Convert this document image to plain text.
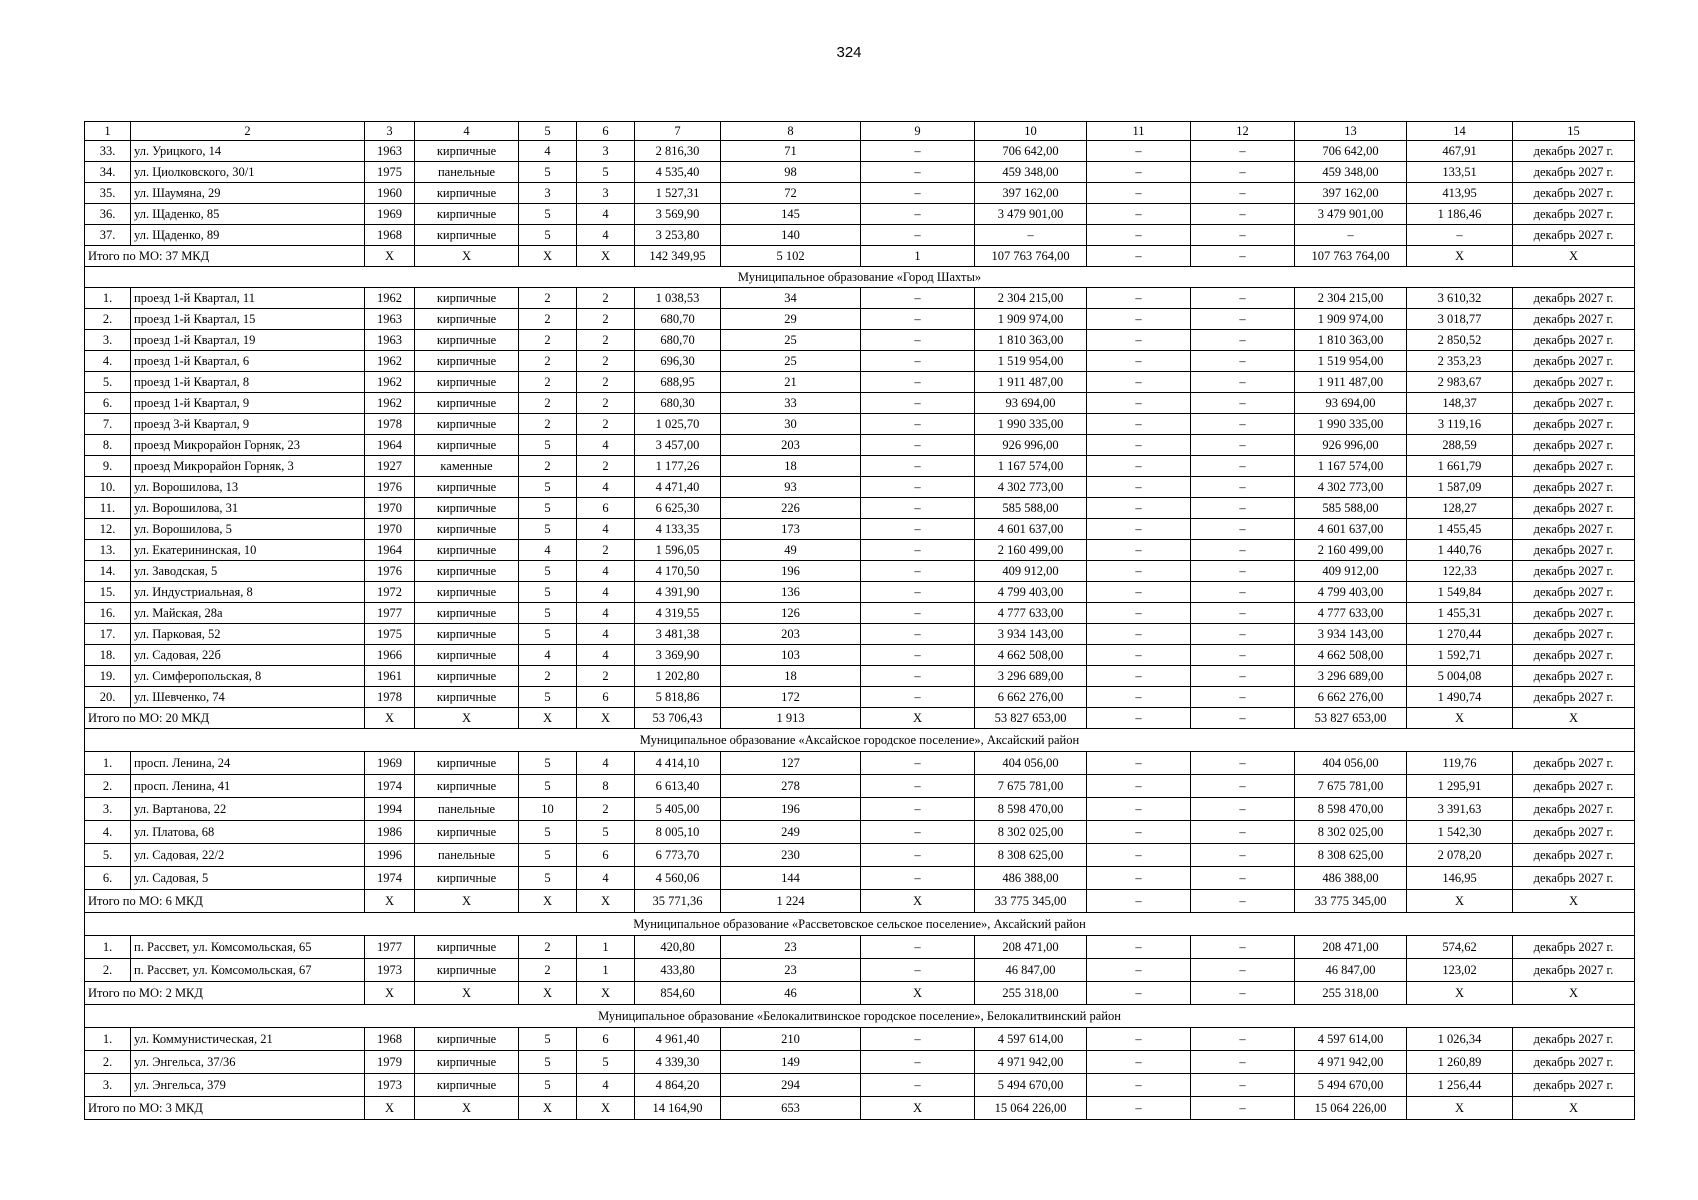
324
1	2	3	4	5	6	7	8	9	10	11	12	13	14	15
33.	ул. Урицкого, 14	1963	кирпичные	4	3	2 816,30	71	–	706 642,00	–	–	706 642,00	467,91	декабрь 2027 г.
34.	ул. Циолковского, 30/1	1975	панельные	5	5	4 535,40	98	–	459 348,00	–	–	459 348,00	133,51	декабрь 2027 г.
35.	ул. Шаумяна, 29	1960	кирпичные	3	3	1 527,31	72	–	397 162,00	–	–	397 162,00	413,95	декабрь 2027 г.
36.	ул. Щаденко, 85	1969	кирпичные	5	4	3 569,90	145	–	3 479 901,00	–	–	3 479 901,00	1 186,46	декабрь 2027 г.
37.	ул. Щаденко, 89	1968	кирпичные	5	4	3 253,80	140	–	–	–	–	–	–	декабрь 2027 г.
Итого по МО: 37 МКД		Х	Х	Х	Х	142 349,95	5 102	1	107 763 764,00	–	–	107 763 764,00	Х	Х
Муниципальное образование «Город Шахты»														
1.	проезд 1-й Квартал, 11	1962	кирпичные	2	2	1 038,53	34	–	2 304 215,00	–	–	2 304 215,00	3 610,32	декабрь 2027 г.
2.	проезд 1-й Квартал, 15	1963	кирпичные	2	2	680,70	29	–	1 909 974,00	–	–	1 909 974,00	3 018,77	декабрь 2027 г.
3.	проезд 1-й Квартал, 19	1963	кирпичные	2	2	680,70	25	–	1 810 363,00	–	–	1 810 363,00	2 850,52	декабрь 2027 г.
4.	проезд 1-й Квартал, 6	1962	кирпичные	2	2	696,30	25	–	1 519 954,00	–	–	1 519 954,00	2 353,23	декабрь 2027 г.
5.	проезд 1-й Квартал, 8	1962	кирпичные	2	2	688,95	21	–	1 911 487,00	–	–	1 911 487,00	2 983,67	декабрь 2027 г.
6.	проезд 1-й Квартал, 9	1962	кирпичные	2	2	680,30	33	–	93 694,00	–	–	93 694,00	148,37	декабрь 2027 г.
7.	проезд 3-й Квартал, 9	1978	кирпичные	2	2	1 025,70	30	–	1 990 335,00	–	–	1 990 335,00	3 119,16	декабрь 2027 г.
8.	проезд Микрорайон Горняк, 23	1964	кирпичные	5	4	3 457,00	203	–	926 996,00	–	–	926 996,00	288,59	декабрь 2027 г.
9.	проезд Микрорайон Горняк, 3	1927	каменные	2	2	1 177,26	18	–	1 167 574,00	–	–	1 167 574,00	1 661,79	декабрь 2027 г.
10.	ул. Ворошилова, 13	1976	кирпичные	5	4	4 471,40	93	–	4 302 773,00	–	–	4 302 773,00	1 587,09	декабрь 2027 г.
11.	ул. Ворошилова, 31	1970	кирпичные	5	6	6 625,30	226	–	585 588,00	–	–	585 588,00	128,27	декабрь 2027 г.
12.	ул. Ворошилова, 5	1970	кирпичные	5	4	4 133,35	173	–	4 601 637,00	–	–	4 601 637,00	1 455,45	декабрь 2027 г.
13.	ул. Екатерининская, 10	1964	кирпичные	4	2	1 596,05	49	–	2 160 499,00	–	–	2 160 499,00	1 440,76	декабрь 2027 г.
14.	ул. Заводская, 5	1976	кирпичные	5	4	4 170,50	196	–	409 912,00	–	–	409 912,00	122,33	декабрь 2027 г.
15.	ул. Индустриальная, 8	1972	кирпичные	5	4	4 391,90	136	–	4 799 403,00	–	–	4 799 403,00	1 549,84	декабрь 2027 г.
16.	ул. Майская, 28а	1977	кирпичные	5	4	4 319,55	126	–	4 777 633,00	–	–	4 777 633,00	1 455,31	декабрь 2027 г.
17.	ул. Парковая, 52	1975	кирпичные	5	4	3 481,38	203	–	3 934 143,00	–	–	3 934 143,00	1 270,44	декабрь 2027 г.
18.	ул. Садовая, 22б	1966	кирпичные	4	4	3 369,90	103	–	4 662 508,00	–	–	4 662 508,00	1 592,71	декабрь 2027 г.
19.	ул. Симферопольская, 8	1961	кирпичные	2	2	1 202,80	18	–	3 296 689,00	–	–	3 296 689,00	5 004,08	декабрь 2027 г.
20.	ул. Шевченко, 74	1978	кирпичные	5	6	5 818,86	172	–	6 662 276,00	–	–	6 662 276,00	1 490,74	декабрь 2027 г.
Итого по МО: 20 МКД		Х	Х	Х	Х	53 706,43	1 913	Х	53 827 653,00	–	–	53 827 653,00	Х	Х
Муниципальное образование «Аксайское городское поселение», Аксайский район														
1.	просп. Ленина, 24	1969	кирпичные	5	4	4 414,10	127	–	404 056,00	–	–	404 056,00	119,76	декабрь 2027 г.
2.	просп. Ленина, 41	1974	кирпичные	5	8	6 613,40	278	–	7 675 781,00	–	–	7 675 781,00	1 295,91	декабрь 2027 г.
3.	ул. Вартанова, 22	1994	панельные	10	2	5 405,00	196	–	8 598 470,00	–	–	8 598 470,00	3 391,63	декабрь 2027 г.
4.	ул. Платова, 68	1986	кирпичные	5	5	8 005,10	249	–	8 302 025,00	–	–	8 302 025,00	1 542,30	декабрь 2027 г.
5.	ул. Садовая, 22/2	1996	панельные	5	6	6 773,70	230	–	8 308 625,00	–	–	8 308 625,00	2 078,20	декабрь 2027 г.
6.	ул. Садовая, 5	1974	кирпичные	5	4	4 560,06	144	–	486 388,00	–	–	486 388,00	146,95	декабрь 2027 г.
Итого по МО: 6 МКД		Х	Х	Х	Х	35 771,36	1 224	Х	33 775 345,00	–	–	33 775 345,00	Х	Х
Муниципальное образование «Рассветовское сельское поселение», Аксайский район														
1.	п. Рассвет, ул. Комсомольская, 65	1977	кирпичные	2	1	420,80	23	–	208 471,00	–	–	208 471,00	574,62	декабрь 2027 г.
2.	п. Рассвет, ул. Комсомольская, 67	1973	кирпичные	2	1	433,80	23	–	46 847,00	–	–	46 847,00	123,02	декабрь 2027 г.
Итого по МО: 2 МКД		Х	Х	Х	Х	854,60	46	Х	255 318,00	–	–	255 318,00	Х	Х
Муниципальное образование «Белокалитвинское городское поселение», Белокалитвинский район														
1.	ул. Коммунистическая, 21	1968	кирпичные	5	6	4 961,40	210	–	4 597 614,00	–	–	4 597 614,00	1 026,34	декабрь 2027 г.
2.	ул. Энгельса, 37/36	1979	кирпичные	5	5	4 339,30	149	–	4 971 942,00	–	–	4 971 942,00	1 260,89	декабрь 2027 г.
3.	ул. Энгельса, 379	1973	кирпичные	5	4	4 864,20	294	–	5 494 670,00	–	–	5 494 670,00	1 256,44	декабрь 2027 г.
Итого по МО: 3 МКД		Х	Х	Х	Х	14 164,90	653	Х	15 064 226,00	–	–	15 064 226,00	Х	Х
